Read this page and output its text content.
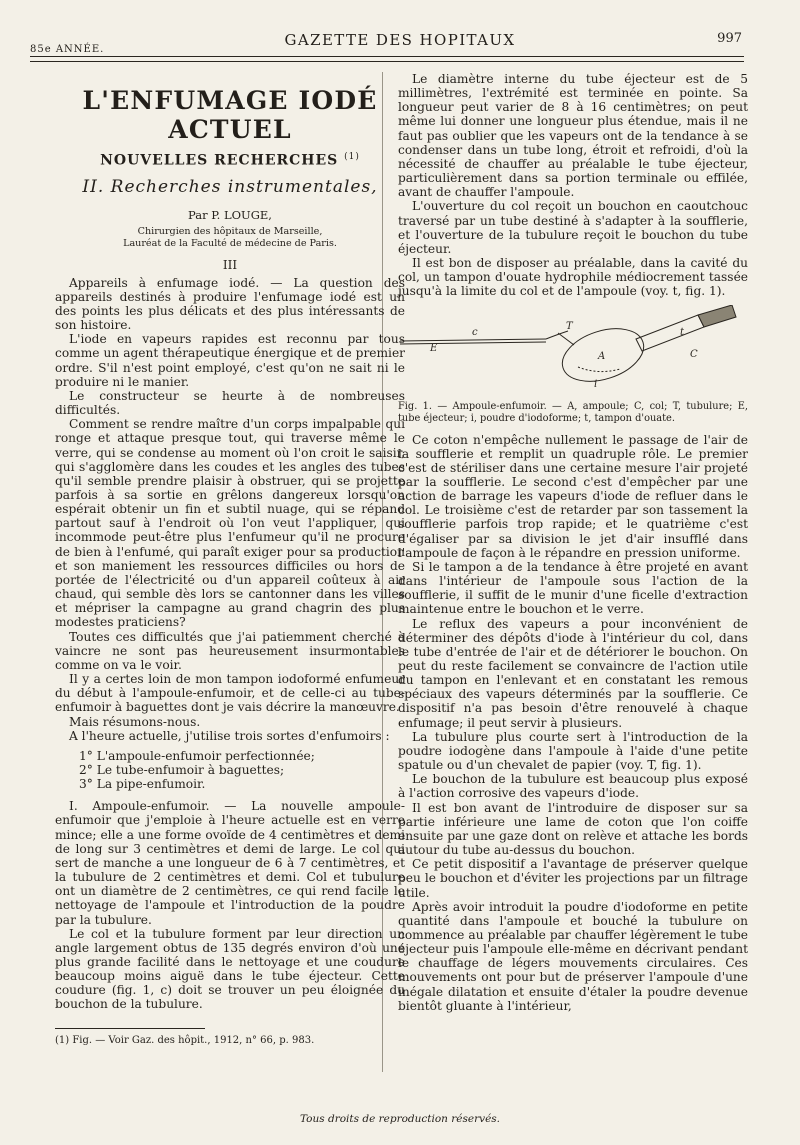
85e ANNÉE.
GAZETTE DES HOPITAUX	997
L'ENFUMAGE IODÉ ACTUEL
NOUVELLES RECHERCHES $^{(1)}$
II. Recherches instrumentales,
Par P. LOUGE,
Chirurgien des hôpitaux de Marseille,
Lauréat de la Faculté de médecine de Paris.
III

Appareils à enfumage iodé. — La question des appareils destinés à produire l'enfumage iodé est un des points les plus délicats et des plus intéressants de son histoire.

L'iode en vapeurs rapides est reconnu par tous comme un agent thérapeutique énergique et de premier ordre. S'il n'est point employé, c'est qu'on ne sait ni le produire ni le manier.

Le constructeur se heurte à de nombreuses difficultés.

Comment se rendre maître d'un corps impalpable qui ronge et attaque presque tout, qui traverse même le verre, qui se condense au moment où l'on croit le saisir, qui s'agglomère dans les coudes et les angles des tubes qu'il semble prendre plaisir à obstruer, qui se projette parfois à sa sortie en grêlons dangereux lorsqu'on espérait obtenir un fin et subtil nuage, qui se répand partout sauf à l'endroit où l'on veut l'appliquer, qui incommode peut-être plus l'enfumeur qu'il ne procure de bien à l'enfumé, qui paraît exiger pour sa production et son maniement les ressources difficiles ou hors de portée de l'électricité ou d'un appareil coûteux à air chaud, qui semble dès lors se cantonner dans les villes et mépriser la campagne au grand chagrin des plus modestes praticiens?

Toutes ces difficultés que j'ai patiemment cherché à vaincre ne sont pas heureusement insurmontables comme on va le voir.

Il y a certes loin de mon tampon iodoformé enfumeur du début à l'ampoule-enfumoir, et de celle-ci au tube-enfumoir à baguettes dont je vais décrire la manœuvre.

Mais résumons-nous.

A l'heure actuelle, j'utilise trois sortes d'enfumoirs :

1° L'ampoule-enfumoir perfectionnée;

2° Le tube-enfumoir à baguettes;

3° La pipe-enfumoir.

I. Ampoule-enfumoir. — La nouvelle ampoule-enfumoir que j'emploie à l'heure actuelle est en verre mince; elle a une forme ovoïde de 4 centimètres et demi de long sur 3 centimètres et demi de large. Le col qui sert de manche a une longueur de 6 à 7 centimètres, et la tubulure de 2 centimètres et demi. Col et tubulure ont un diamètre de 2 centimètres, ce qui rend facile le nettoyage de l'ampoule et l'introduction de la poudre par la tubulure.

Le col et la tubulure forment par leur direction un angle largement obtus de 135 degrés environ d'où une plus grande facilité dans le nettoyage et une coudure beaucoup moins aiguë dans le tube éjecteur. Cette coudure (fig. 1, c) doit se trouver un peu éloignée du bouchon de la tubulure.

(1) Fig. — Voir Gaz. des hôpit., 1912, n° 66, p. 983.

Le diamètre interne du tube éjecteur est de 5 millimètres, l'extrémité est terminée en pointe. Sa longueur peut varier de 8 à 16 centimètres; on peut même lui donner une longueur plus étendue, mais il ne faut pas oublier que les vapeurs ont de la tendance à se condenser dans un tube long, étroit et refroidi, d'où la nécessité de chauffer au préalable le tube éjecteur, particulièrement dans sa portion terminale ou effilée, avant de chauffer l'ampoule.

L'ouverture du col reçoit un bouchon en caoutchouc traversé par un tube destiné à s'adapter à la soufflerie, et l'ouverture de la tubulure reçoit le bouchon du tube éjecteur.

Il est bon de disposer au préalable, dans la cavité du col, un tampon d'ouate hydrophile médiocrement tassée jusqu'à la limite du col et de l'ampoule (voy. t, fig. 1).

c
E
T
t
A	C
i

Fig. 1. — Ampoule-enfumoir. — A, ampoule; C, col; T, tubulure; E, tube éjecteur; i, poudre d'iodoforme; t, tampon d'ouate.

Ce coton n'empêche nullement le passage de l'air de la soufflerie et remplit un quadruple rôle. Le premier c'est de stériliser dans une certaine mesure l'air projeté par la soufflerie. Le second c'est d'empêcher par une action de barrage les vapeurs d'iode de refluer dans le col. Le troisième c'est de retarder par son tassement la soufflerie parfois trop rapide; et le quatrième c'est d'égaliser par sa division le jet d'air insufflé dans l'ampoule de façon à le répandre en pression uniforme.

Si le tampon a de la tendance à être projeté en avant dans l'intérieur de l'ampoule sous l'action de la soufflerie, il suffit de le munir d'une ficelle d'extraction maintenue entre le bouchon et le verre.

Le reflux des vapeurs a pour inconvénient de déterminer des dépôts d'iode à l'intérieur du col, dans le tube d'entrée de l'air et de détériorer le bouchon. On peut du reste facilement se convaincre de l'action utile du tampon en l'enlevant et en constatant les remous spéciaux des vapeurs déterminés par la soufflerie. Ce dispositif n'a pas besoin d'être renouvelé à chaque enfumage; il peut servir à plusieurs.

La tubulure plus courte sert à l'introduction de la poudre iodogène dans l'ampoule à l'aide d'une petite spatule ou d'un chevalet de papier (voy. T, fig. 1).

Le bouchon de la tubulure est beaucoup plus exposé à l'action corrosive des vapeurs d'iode.

Il est bon avant de l'introduire de disposer sur sa partie inférieure une lame de coton que l'on coiffe ensuite par une gaze dont on relève et attache les bords autour du tube au-dessus du bouchon.

Ce petit dispositif a l'avantage de préserver quelque peu le bouchon et d'éviter les projections par un filtrage utile.

Après avoir introduit la poudre d'iodoforme en petite quantité dans l'ampoule et bouché la tubulure on commence au préalable par chauffer légèrement le tube éjecteur puis l'ampoule elle-même en décrivant pendant le chauffage de légers mouvements circulaires. Ces mouvements ont pour but de préserver l'ampoule d'une inégale dilatation et ensuite d'étaler la poudre devenue bientôt gluante à l'intérieur,

Tous droits de reproduction réservés.
